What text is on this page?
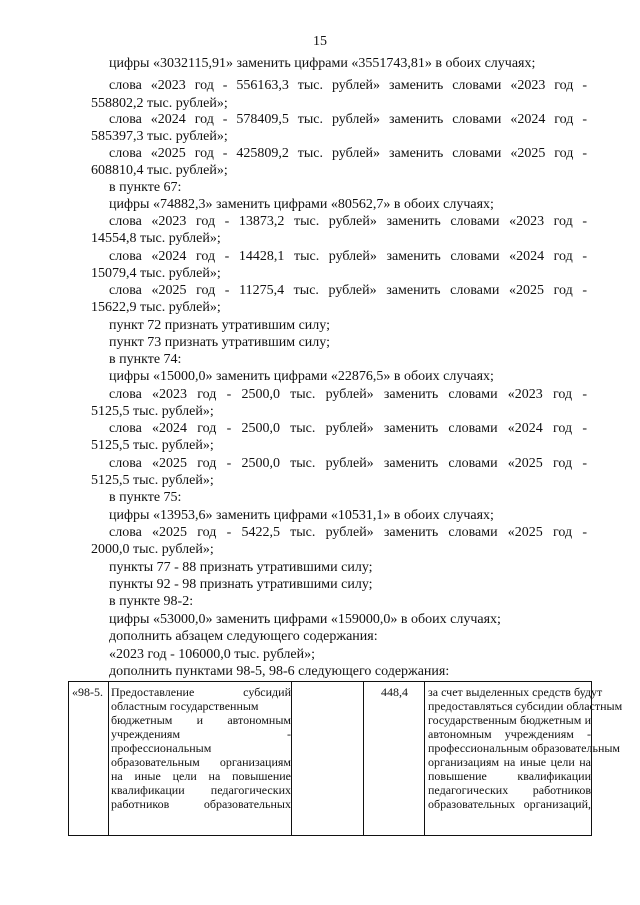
15
цифры «3032115,91» заменить цифрами «3551743,81» в обоих случаях;
слова «2023 год - 556163,3 тыс. рублей» заменить словами «2023 год -
558802,2 тыс. рублей»;
слова «2024 год - 578409,5 тыс. рублей» заменить словами «2024 год -
585397,3 тыс. рублей»;
слова «2025 год - 425809,2 тыс. рублей» заменить словами «2025 год -
608810,4 тыс. рублей»;
в пункте 67:
цифры «74882,3» заменить цифрами «80562,7» в обоих случаях;
слова «2023 год - 13873,2 тыс. рублей» заменить словами «2023 год -
14554,8 тыс. рублей»;
слова «2024 год - 14428,1 тыс. рублей» заменить словами «2024 год -
15079,4 тыс. рублей»;
слова «2025 год - 11275,4 тыс. рублей» заменить словами «2025 год -
15622,9 тыс. рублей»;
пункт 72 признать утратившим силу;
пункт 73 признать утратившим силу;
в пункте 74:
цифры «15000,0» заменить цифрами «22876,5» в обоих случаях;
слова «2023 год - 2500,0 тыс. рублей» заменить словами «2023 год -
5125,5 тыс. рублей»;
слова «2024 год - 2500,0 тыс. рублей» заменить словами «2024 год -
5125,5 тыс. рублей»;
слова «2025 год - 2500,0 тыс. рублей» заменить словами «2025 год -
5125,5 тыс. рублей»;
в пункте 75:
цифры «13953,6» заменить цифрами «10531,1» в обоих случаях;
слова «2025 год - 5422,5 тыс. рублей» заменить словами «2025 год -
2000,0 тыс. рублей»;
пункты 77 - 88 признать утратившими силу;
пункты 92 - 98 признать утратившими силу;
в пункте 98-2:
цифры «53000,0» заменить цифрами «159000,0» в обоих случаях;
дополнить абзацем следующего содержания:
«2023 год - 106000,0 тыс. рублей»;
дополнить пунктами 98-5, 98-6 следующего содержания:
«98-5. Предоставление субсидий
областным государственным
бюджетным и автономным
учреждениям -
профессиональным
образовательным организациям
на иные цели на повышение
квалификации педагогических
работников образовательных
448,4	за счет выделенных средств будут
предоставляться субсидии областным
государственным бюджетным и
автономным учреждениям -
профессиональным образовательным
организациям на иные цели на
повышение квалификации
педагогических работников
образовательных организаций,
